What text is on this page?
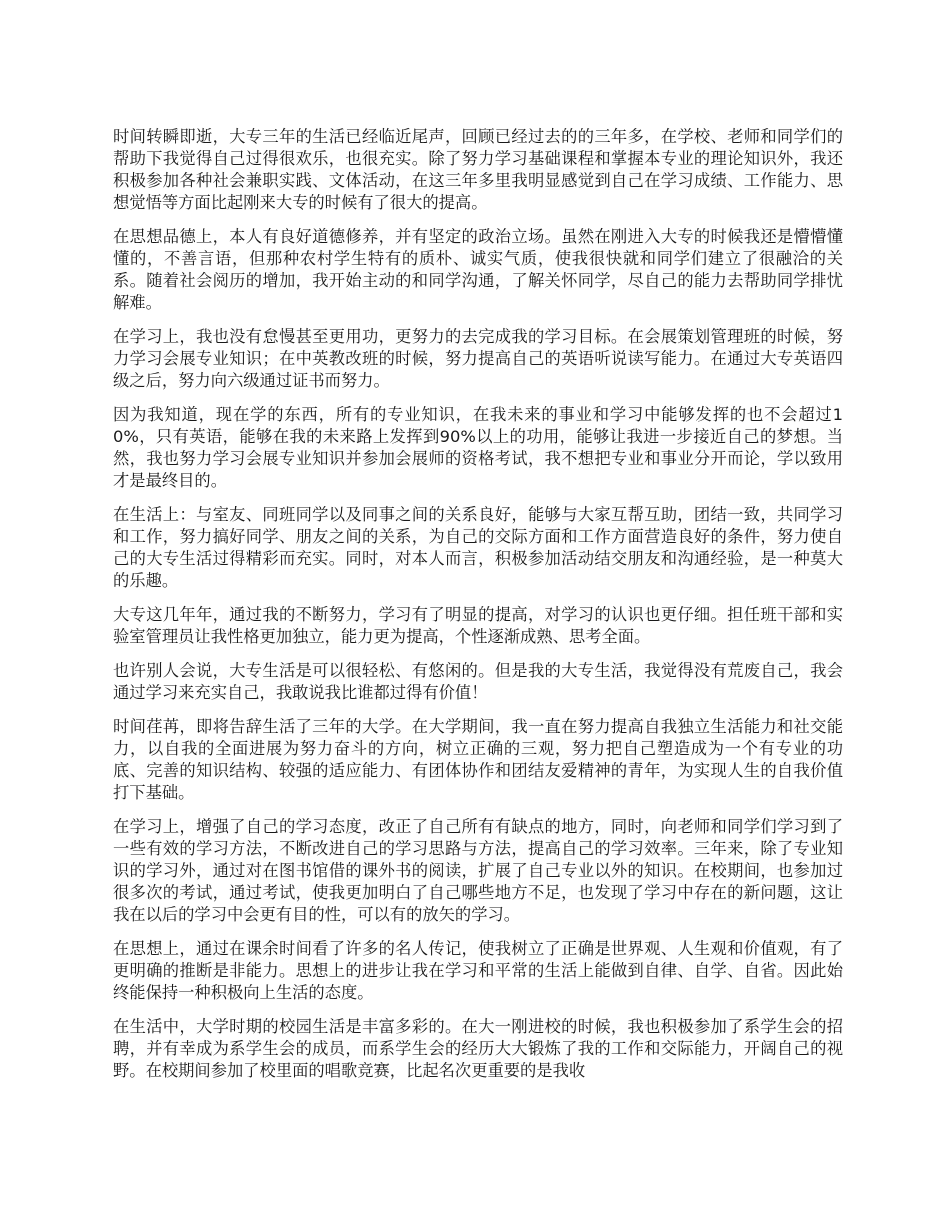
时间转瞬即逝，大专三年的生活已经临近尾声，回顾已经过去的的三年多，在学校、老师和同学们的帮助下我觉得自己过得很欢乐，也很充实。除了努力学习基础课程和掌握本专业的理论知识外，我还积极参加各种社会兼职实践、文体活动，在这三年多里我明显感觉到自己在学习成绩、工作能力、思想觉悟等方面比起刚来大专的时候有了很大的提高。

在思想品德上，本人有良好道德修养，并有坚定的政治立场。虽然在刚进入大专的时候我还是懵懵懂懂的，不善言语，但那种农村学生特有的质朴、诚实气质，使我很快就和同学们建立了很融洽的关系。随着社会阅历的增加，我开始主动的和同学沟通，了解关怀同学，尽自己的能力去帮助同学排忧解难。

在学习上，我也没有怠慢甚至更用功，更努力的去完成我的学习目标。在会展策划管理班的时候，努力学习会展专业知识；在中英教改班的时候，努力提高自己的英语听说读写能力。在通过大专英语四级之后，努力向六级通过证书而努力。

因为我知道，现在学的东西，所有的专业知识，在我未来的事业和学习中能够发挥的也不会超过10%，只有英语，能够在我的未来路上发挥到90%以上的功用，能够让我进一步接近自己的梦想。当然，我也努力学习会展专业知识并参加会展师的资格考试，我不想把专业和事业分开而论，学以致用才是最终目的。

在生活上：与室友、同班同学以及同事之间的关系良好，能够与大家互帮互助，团结一致，共同学习和工作，努力搞好同学、朋友之间的关系，为自己的交际方面和工作方面营造良好的条件，努力使自己的大专生活过得精彩而充实。同时，对本人而言，积极参加活动结交朋友和沟通经验，是一种莫大的乐趣。

大专这几年年，通过我的不断努力，学习有了明显的提高，对学习的认识也更仔细。担任班干部和实验室管理员让我性格更加独立，能力更为提高，个性逐渐成熟、思考全面。

也许别人会说，大专生活是可以很轻松、有悠闲的。但是我的大专生活，我觉得没有荒废自己，我会通过学习来充实自己，我敢说我比谁都过得有价值！

时间荏苒，即将告辞生活了三年的大学。在大学期间，我一直在努力提高自我独立生活能力和社交能力，以自我的全面进展为努力奋斗的方向，树立正确的三观，努力把自己塑造成为一个有专业的功底、完善的知识结构、较强的适应能力、有团体协作和团结友爱精神的青年，为实现人生的自我价值打下基础。

在学习上，增强了自己的学习态度，改正了自己所有有缺点的地方，同时，向老师和同学们学习到了一些有效的学习方法，不断改进自己的学习思路与方法，提高自己的学习效率。三年来，除了专业知识的学习外，通过对在图书馆借的课外书的阅读，扩展了自己专业以外的知识。在校期间，也参加过很多次的考试，通过考试，使我更加明白了自己哪些地方不足，也发现了学习中存在的新问题，这让我在以后的学习中会更有目的性，可以有的放矢的学习。

在思想上，通过在课余时间看了许多的名人传记，使我树立了正确是世界观、人生观和价值观，有了更明确的推断是非能力。思想上的进步让我在学习和平常的生活上能做到自律、自学、自省。因此始终能保持一种积极向上生活的态度。

在生活中，大学时期的校园生活是丰富多彩的。在大一刚进校的时候，我也积极参加了系学生会的招聘，并有幸成为系学生会的成员，而系学生会的经历大大锻炼了我的工作和交际能力，开阔自己的视野。在校期间参加了校里面的唱歌竞赛，比起名次更重要的是我收
